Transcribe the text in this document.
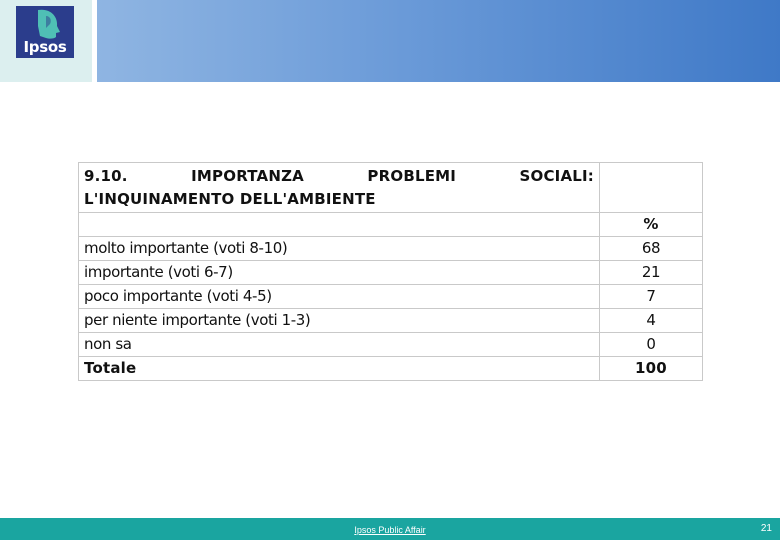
Ipsos
9.10. IMPORTANZA PROBLEMI SOCIALI:
L'INQUINAMENTO DELL'AMBIENTE	

	%
molto importante (voti 8-10)	68
importante (voti 6-7)	21
poco importante (voti 4-5)	7
per niente importante (voti 1-3)	4
non sa	0
Totale	100
Ipsos Public Affair	21
